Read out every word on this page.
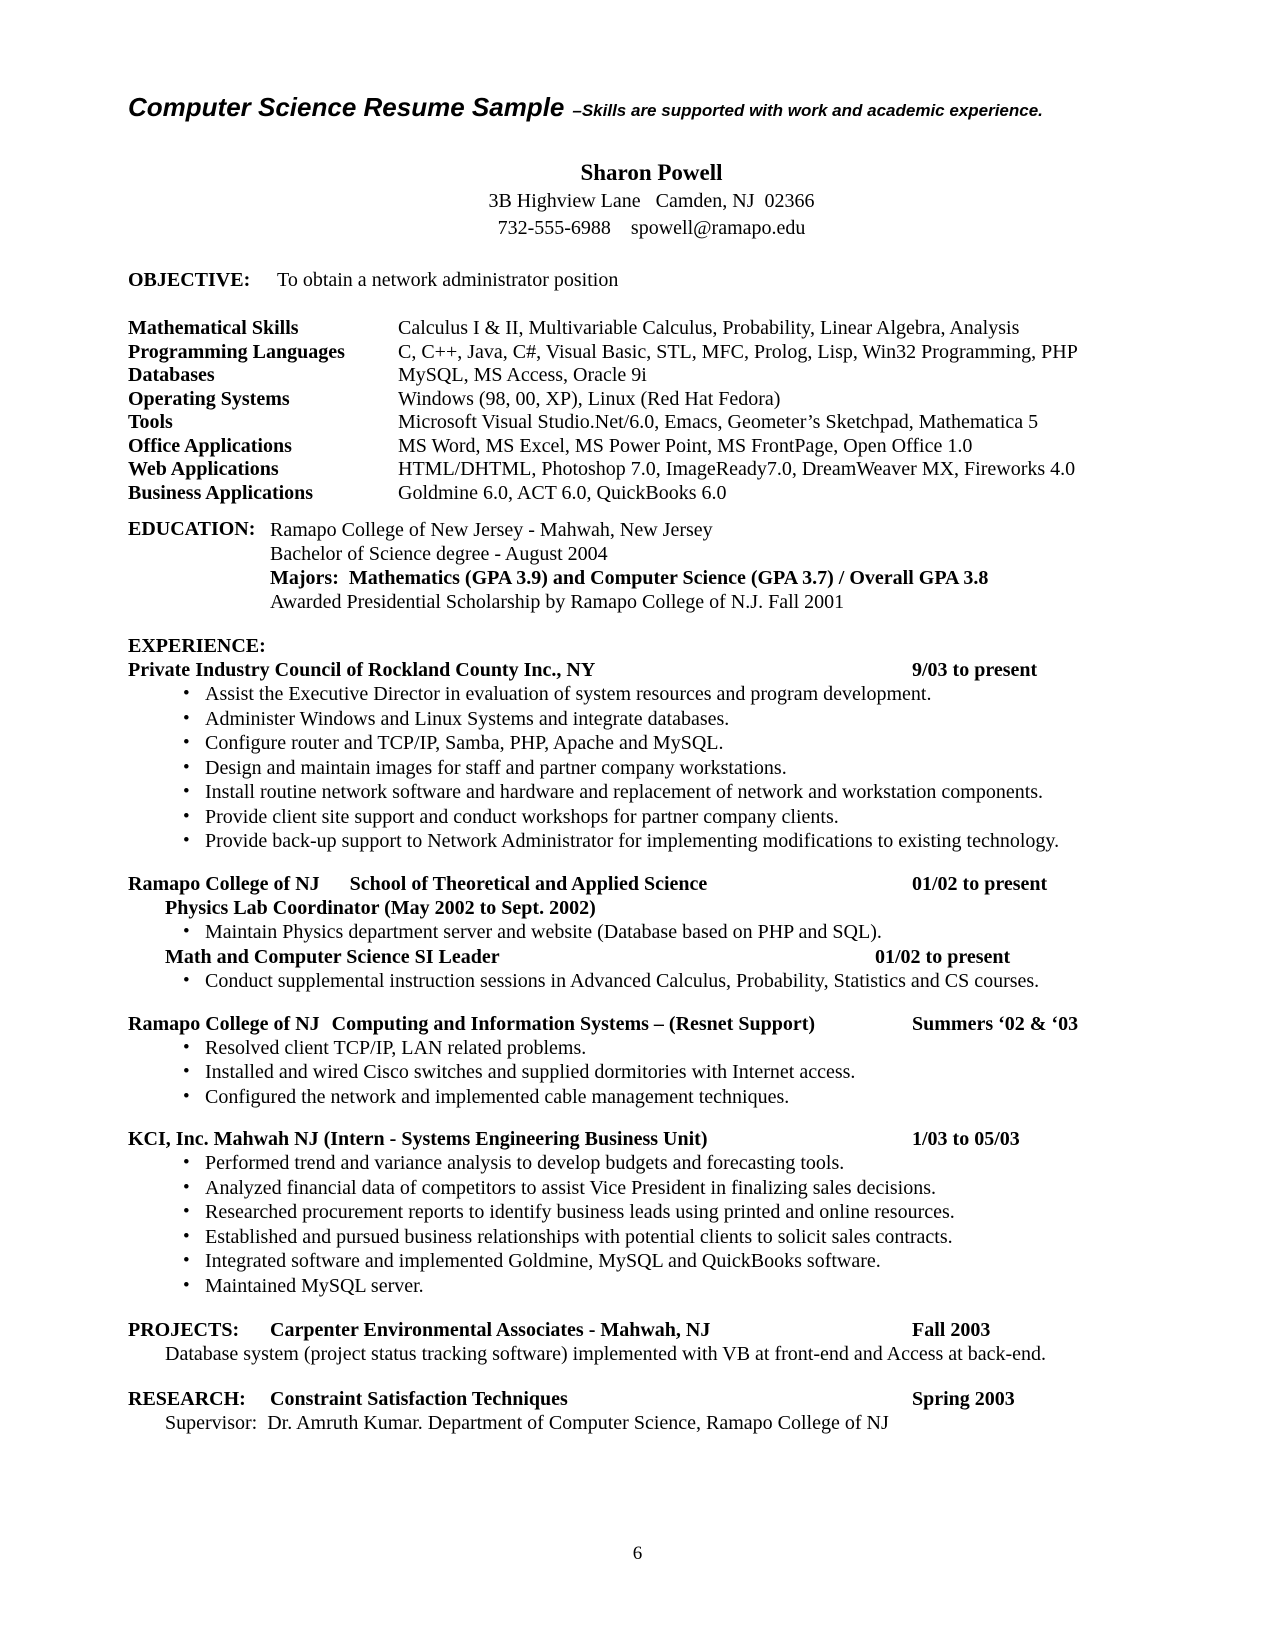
Computer Science Resume Sample –Skills are supported with work and academic experience.
Sharon Powell
3B Highview Lane   Camden, NJ  02366
732-555-6988    spowell@ramapo.edu
OBJECTIVE:	To obtain a network administrator position
Mathematical Skills	Calculus I & II, Multivariable Calculus, Probability, Linear Algebra, Analysis
Programming Languages	C, C++, Java, C#, Visual Basic, STL, MFC, Prolog, Lisp, Win32 Programming, PHP
Databases	MySQL, MS Access, Oracle 9i
Operating Systems	Windows (98, 00, XP), Linux (Red Hat Fedora)
Tools	Microsoft Visual Studio.Net/6.0, Emacs, Geometer’s Sketchpad, Mathematica 5
Office Applications	MS Word, MS Excel, MS Power Point, MS FrontPage, Open Office 1.0
Web Applications	HTML/DHTML, Photoshop 7.0, ImageReady7.0, DreamWeaver MX, Fireworks 4.0
Business Applications	Goldmine 6.0, ACT 6.0, QuickBooks 6.0
EDUCATION: Ramapo College of New Jersey - Mahwah, New Jersey
Bachelor of Science degree - August 2004
Majors:  Mathematics (GPA 3.9) and Computer Science (GPA 3.7) / Overall GPA 3.8
Awarded Presidential Scholarship by Ramapo College of N.J. Fall 2001
EXPERIENCE:
Private Industry Council of Rockland County Inc., NY	9/03 to present
• Assist the Executive Director in evaluation of system resources and program development.
• Administer Windows and Linux Systems and integrate databases.
• Configure router and TCP/IP, Samba, PHP, Apache and MySQL.
• Design and maintain images for staff and partner company workstations.
• Install routine network software and hardware and replacement of network and workstation components.
• Provide client site support and conduct workshops for partner company clients.
• Provide back-up support to Network Administrator for implementing modifications to existing technology.
Ramapo College of NJ School of Theoretical and Applied Science	01/02 to present
Physics Lab Coordinator (May 2002 to Sept. 2002)
• Maintain Physics department server and website (Database based on PHP and SQL).
Math and Computer Science SI Leader	01/02 to present
• Conduct supplemental instruction sessions in Advanced Calculus, Probability, Statistics and CS courses.
Ramapo College of NJ Computing and Information Systems – (Resnet Support)	Summers ‘02 & ‘03
• Resolved client TCP/IP, LAN related problems.
• Installed and wired Cisco switches and supplied dormitories with Internet access.
• Configured the network and implemented cable management techniques.
KCI, Inc. Mahwah NJ (Intern - Systems Engineering Business Unit)	1/03 to 05/03
• Performed trend and variance analysis to develop budgets and forecasting tools.
• Analyzed financial data of competitors to assist Vice President in finalizing sales decisions.
• Researched procurement reports to identify business leads using printed and online resources.
• Established and pursued business relationships with potential clients to solicit sales contracts.
• Integrated software and implemented Goldmine, MySQL and QuickBooks software.
• Maintained MySQL server.
PROJECTS:	Carpenter Environmental Associates - Mahwah, NJ	Fall 2003
Database system (project status tracking software) implemented with VB at front-end and Access at back-end.
RESEARCH:	Constraint Satisfaction Techniques	Spring 2003
Supervisor:  Dr. Amruth Kumar. Department of Computer Science, Ramapo College of NJ
6
